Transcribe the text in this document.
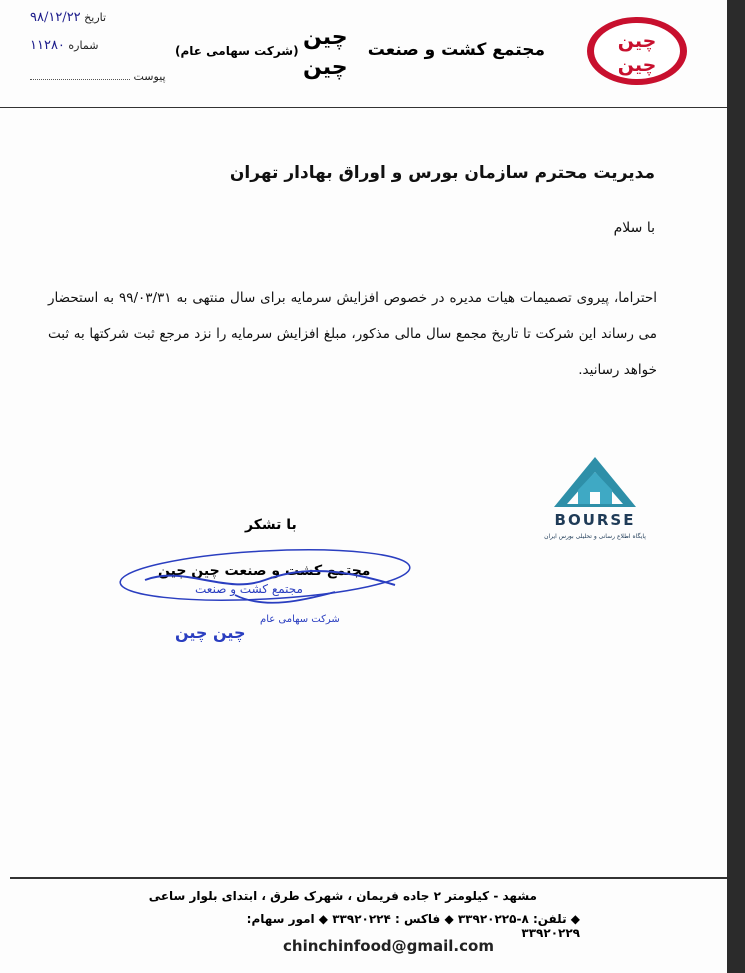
تاریخ ۹۸/۱۲/۲۲
شماره ۱۱۲۸۰
پیوست
مجتمع کشت و صنعت
چین
چین
(شرکت سهامی عام)	چین
چین
مدیریت محترم سازمان بورس و اوراق بهادار تهران
با سلام
احتراما، پیروی تصمیمات هیات مدیره در خصوص افزایش سرمایه برای سال منتهی به ۹۹/۰۳/۳۱ به استحضار می رساند این شرکت تا تاریخ مجمع سال مالی مذکور، مبلغ افزایش سرمایه را نزد مرجع ثبت شرکتها به ثبت خواهد رسانید.
BOURSE
پایگاه اطلاع رسانی و تحلیلی بورس ایران
با تشکر
مجتمع کشت و صنعت چین چین
مجتمع کشت و صنعت
شرکت سهامی عام
چین چین
مشهد - کیلومتر ۲ جاده فریمان ، شهرک طرق ، ابتدای بلوار ساعی
◆ تلفن: ۸-۳۳۹۲۰۲۲۵ ◆ فاکس : ۳۳۹۲۰۲۲۴ ◆ امور سهام: ۳۳۹۲۰۲۲۹
chinchinfood@gmail.com
